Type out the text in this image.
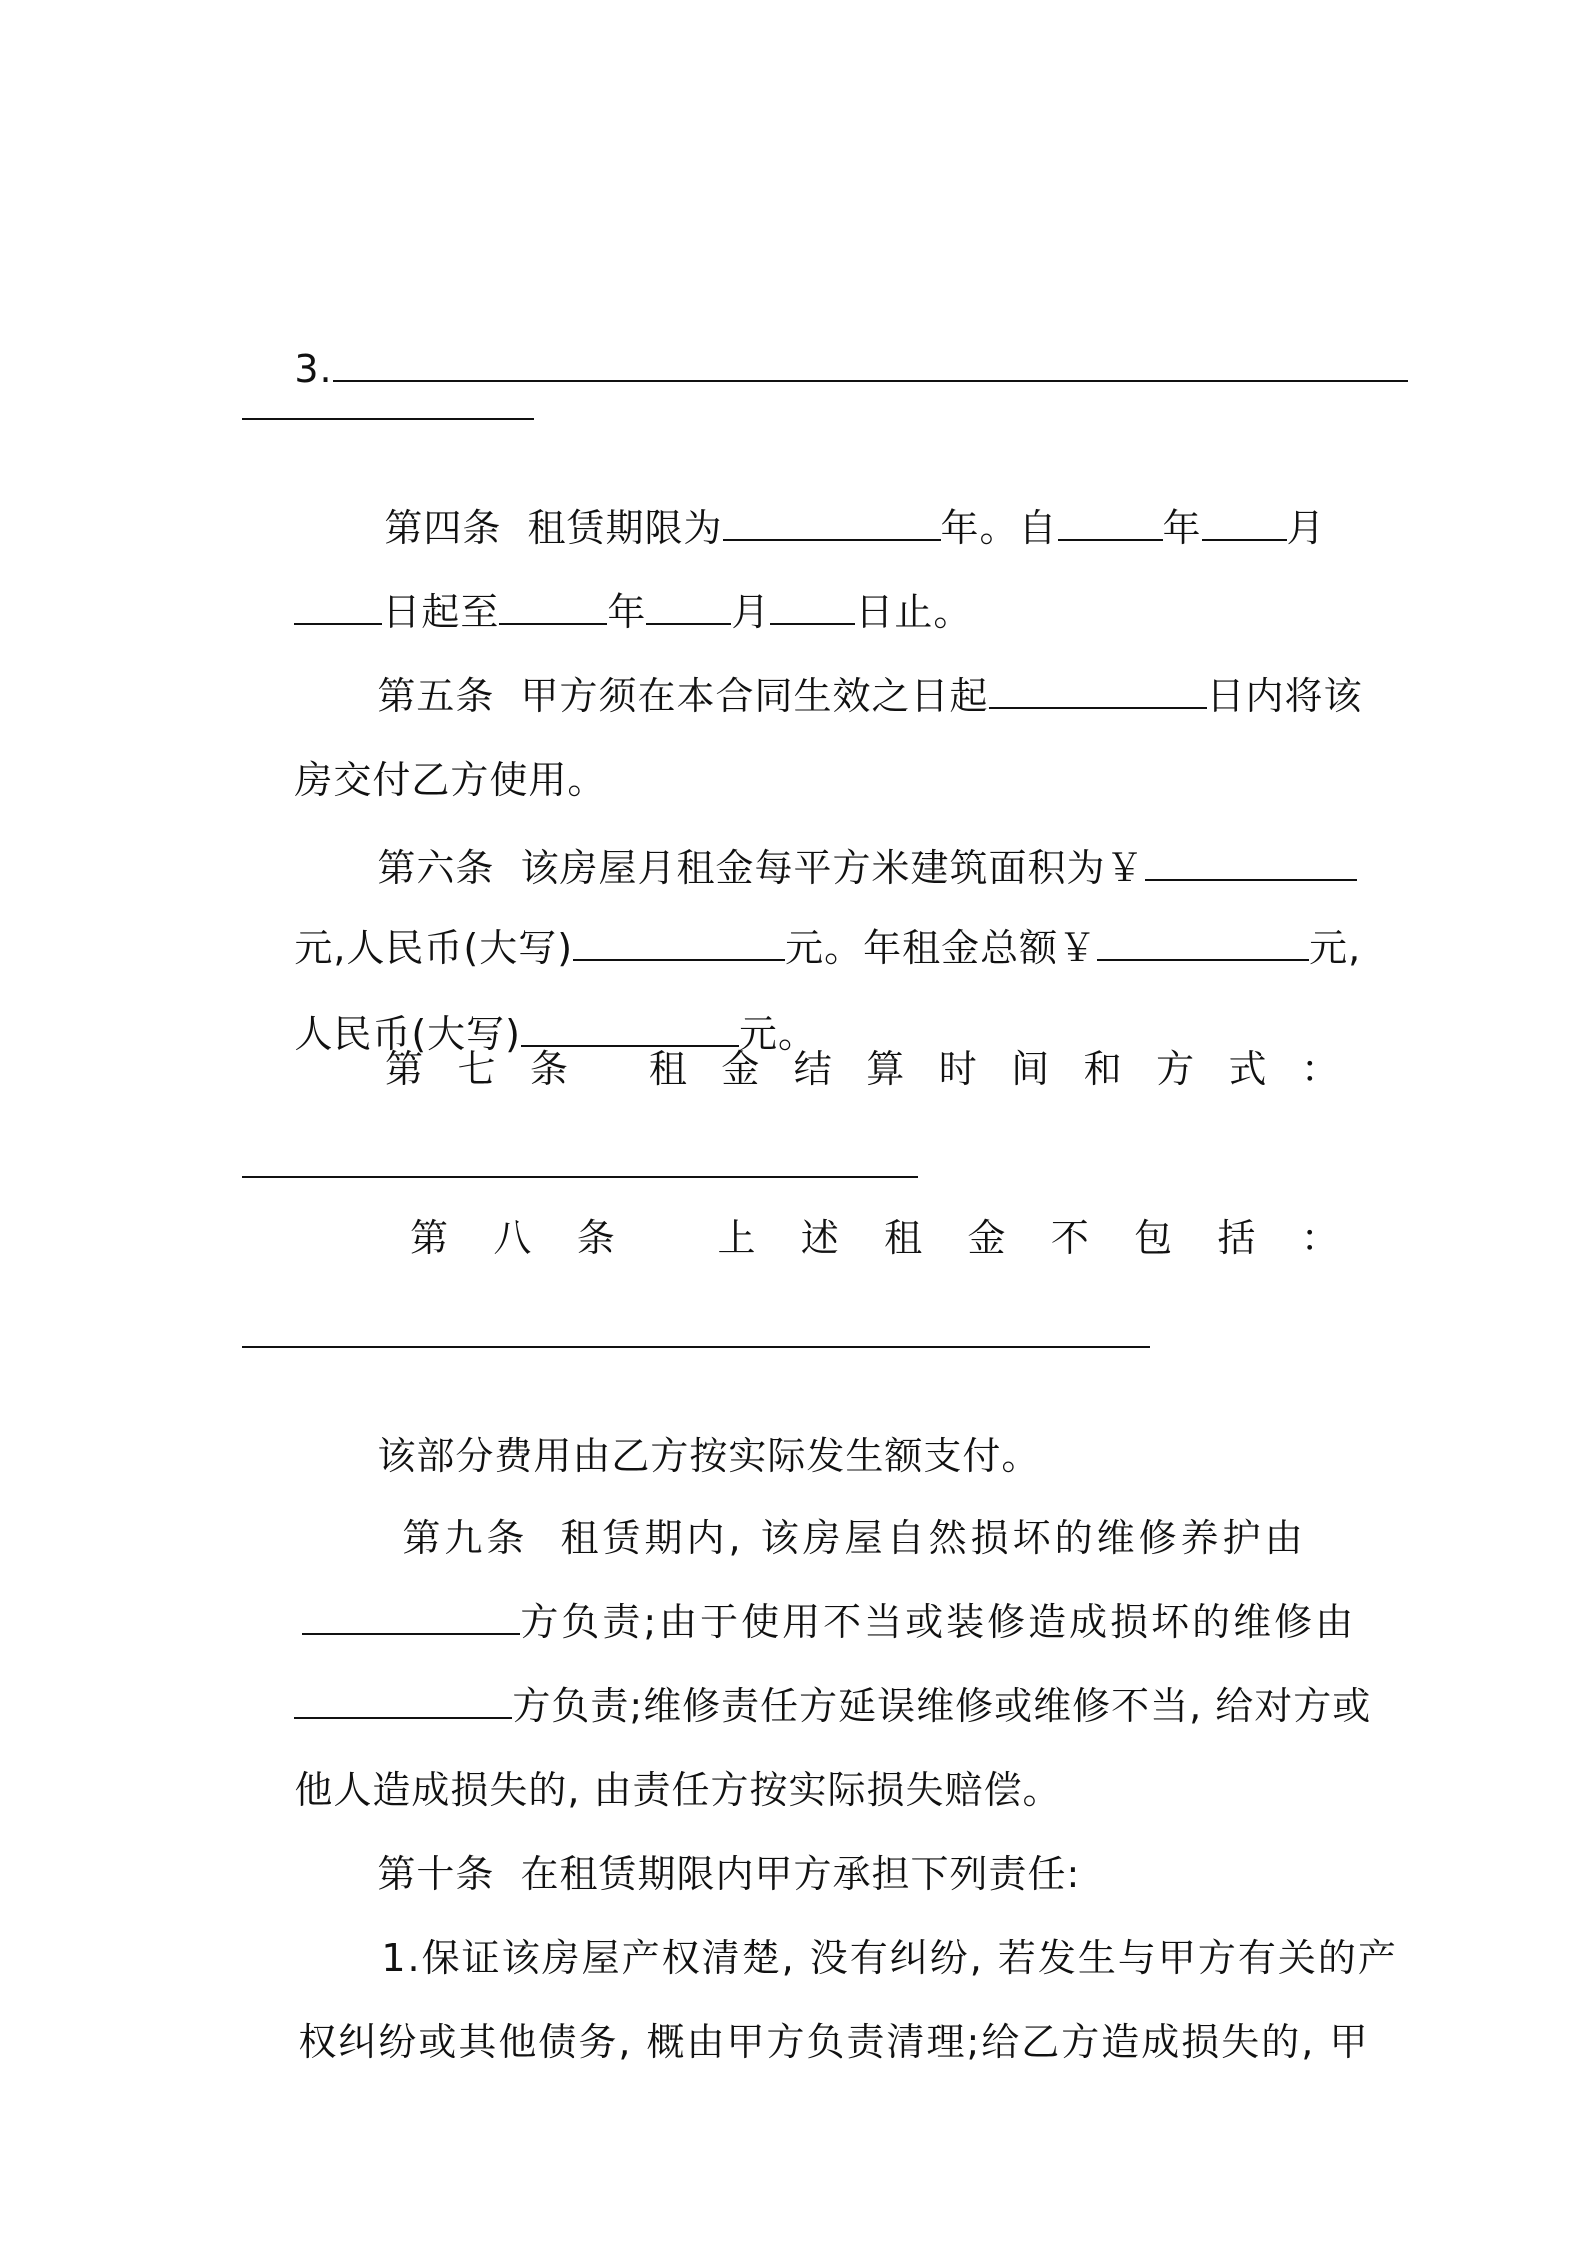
3.

第四条  租赁期限为	年。自	年 月

日起至	年 月 日止。

第五条  甲方须在本合同生效之日起	日内将该

房交付乙方使用。

第六条  该房屋月租金每平方米建筑面积为￥

元,人民币(大写)	元。年租金总额￥	元,

人民币(大写)	元。

第 七 条
租 金 结 算 时 间 和 方 式 ：
第 八 条
	上 述 租 金 不 包 括 ：

该部分费用由乙方按实际发生额支付。

第九条  租赁期内, 该房屋自然损坏的维修养护由

方负责;由于使用不当或装修造成损坏的维修由

方负责;维修责任方延误维修或维修不当, 给对方或

他人造成损失的, 由责任方按实际损失赔偿。

第十条  在租赁期限内甲方承担下列责任:

1.保证该房屋产权清楚, 没有纠纷, 若发生与甲方有关的产

权纠纷或其他债务, 概由甲方负责清理;给乙方造成损失的, 甲
